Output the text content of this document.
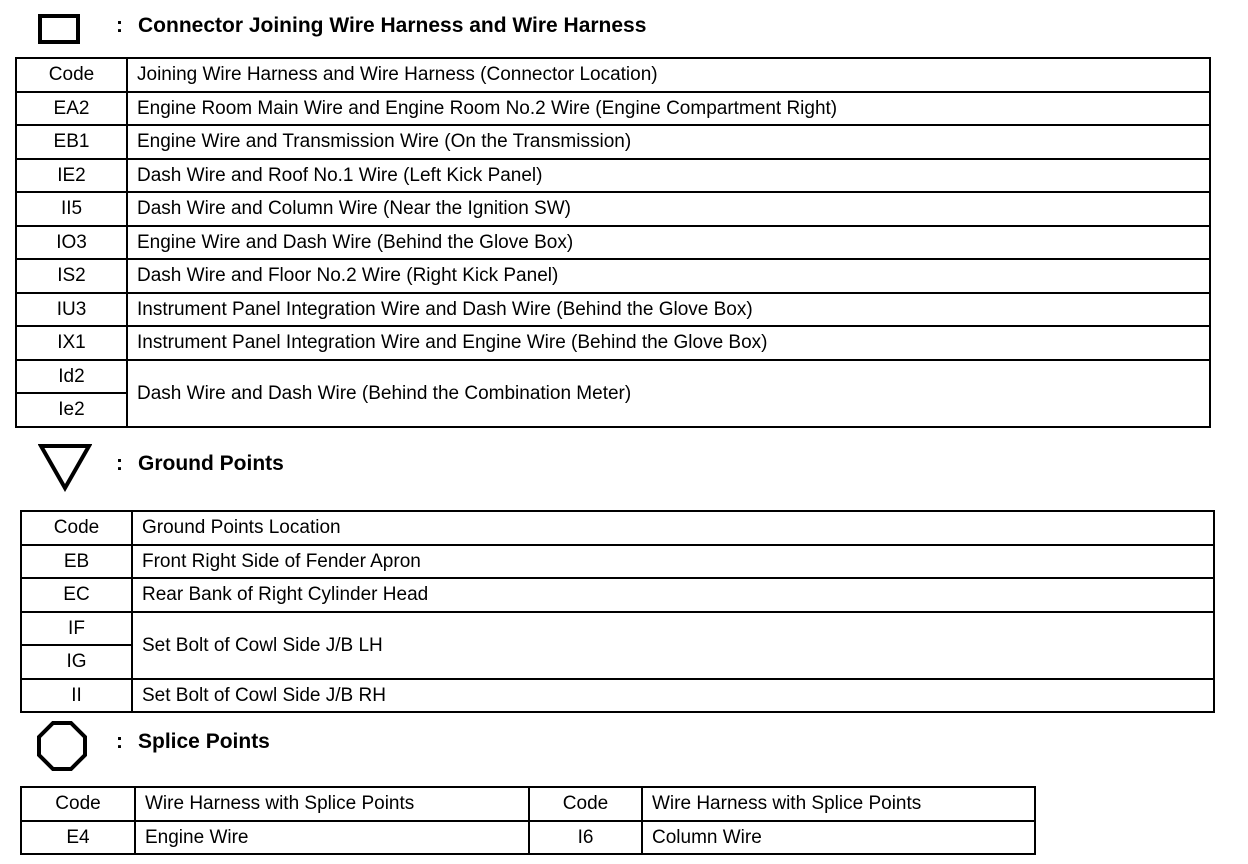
: Connector Joining Wire Harness and Wire Harness
Code	Joining Wire Harness and Wire Harness (Connector Location)
EA2	Engine Room Main Wire and Engine Room No.2 Wire (Engine Compartment Right)
EB1	Engine Wire and Transmission Wire (On the Transmission)
IE2	Dash Wire and Roof No.1 Wire (Left Kick Panel)
II5	Dash Wire and Column Wire (Near the Ignition SW)
IO3	Engine Wire and Dash Wire (Behind the Glove Box)
IS2	Dash Wire and Floor No.2 Wire (Right Kick Panel)
IU3	Instrument Panel Integration Wire and Dash Wire (Behind the Glove Box)
IX1	Instrument Panel Integration Wire and Engine Wire (Behind the Glove Box)
Id2	Dash Wire and Dash Wire (Behind the Combination Meter)
Ie2	
: Ground Points
Code	Ground Points Location
EB	Front Right Side of Fender Apron
EC	Rear Bank of Right Cylinder Head
IF	Set Bolt of Cowl Side J/B LH
IG	
II	Set Bolt of Cowl Side J/B RH
: Splice Points
Code	Wire Harness with Splice Points	Code	Wire Harness with Splice Points
E4	Engine Wire	I6	Column Wire
